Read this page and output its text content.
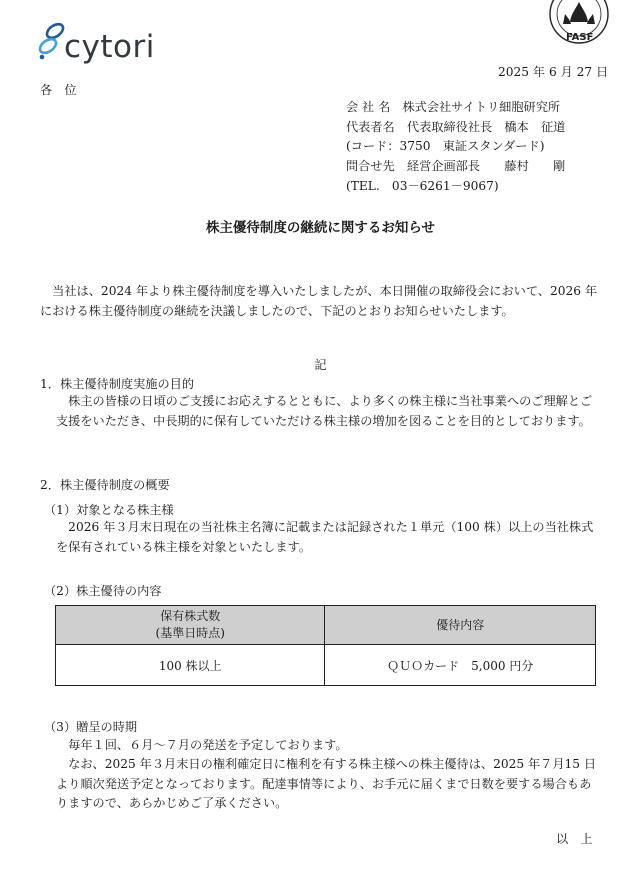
cytori	FASF
2025 年 6 月 27 日
各　位
会 社 名　株式会社サイトリ細胞研究所
代表者名　代表取締役社長　橋本　征道
(コード：3750　東証スタンダード)
問合せ先　経営企画部長　　藤村　　剛
(TEL.　03－6261－9067)
株主優待制度の継続に関するお知らせ
　当社は、2024 年より株主優待制度を導入いたしましたが、本日開催の取締役会において、2026 年における株主優待制度の継続を決議しましたので、下記のとおりお知らせいたします。
記
1．株主優待制度実施の目的
　株主の皆様の日頃のご支援にお応えするとともに、より多くの株主様に当社事業へのご理解とご支援をいただき、中長期的に保有していただける株主様の増加を図ることを目的としております。
2．株主優待制度の概要
（1）対象となる株主様
　2026 年３月末日現在の当社株主名簿に記載または記録された１単元（100 株）以上の当社株式を保有されている株主様を対象といたします。
（2）株主優待の内容
保有株式数
(基準日時点)	優待内容
100 株以上	ＱＵＯカード　5,000 円分
（3）贈呈の時期
　毎年１回、６月～７月の発送を予定しております。
　なお、2025 年３月末日の権利確定日に権利を有する株主様への株主優待は、2025 年７月15 日より順次発送予定となっております。配達事情等により、お手元に届くまで日数を要する場合もありますので、あらかじめご了承ください。
以　上
